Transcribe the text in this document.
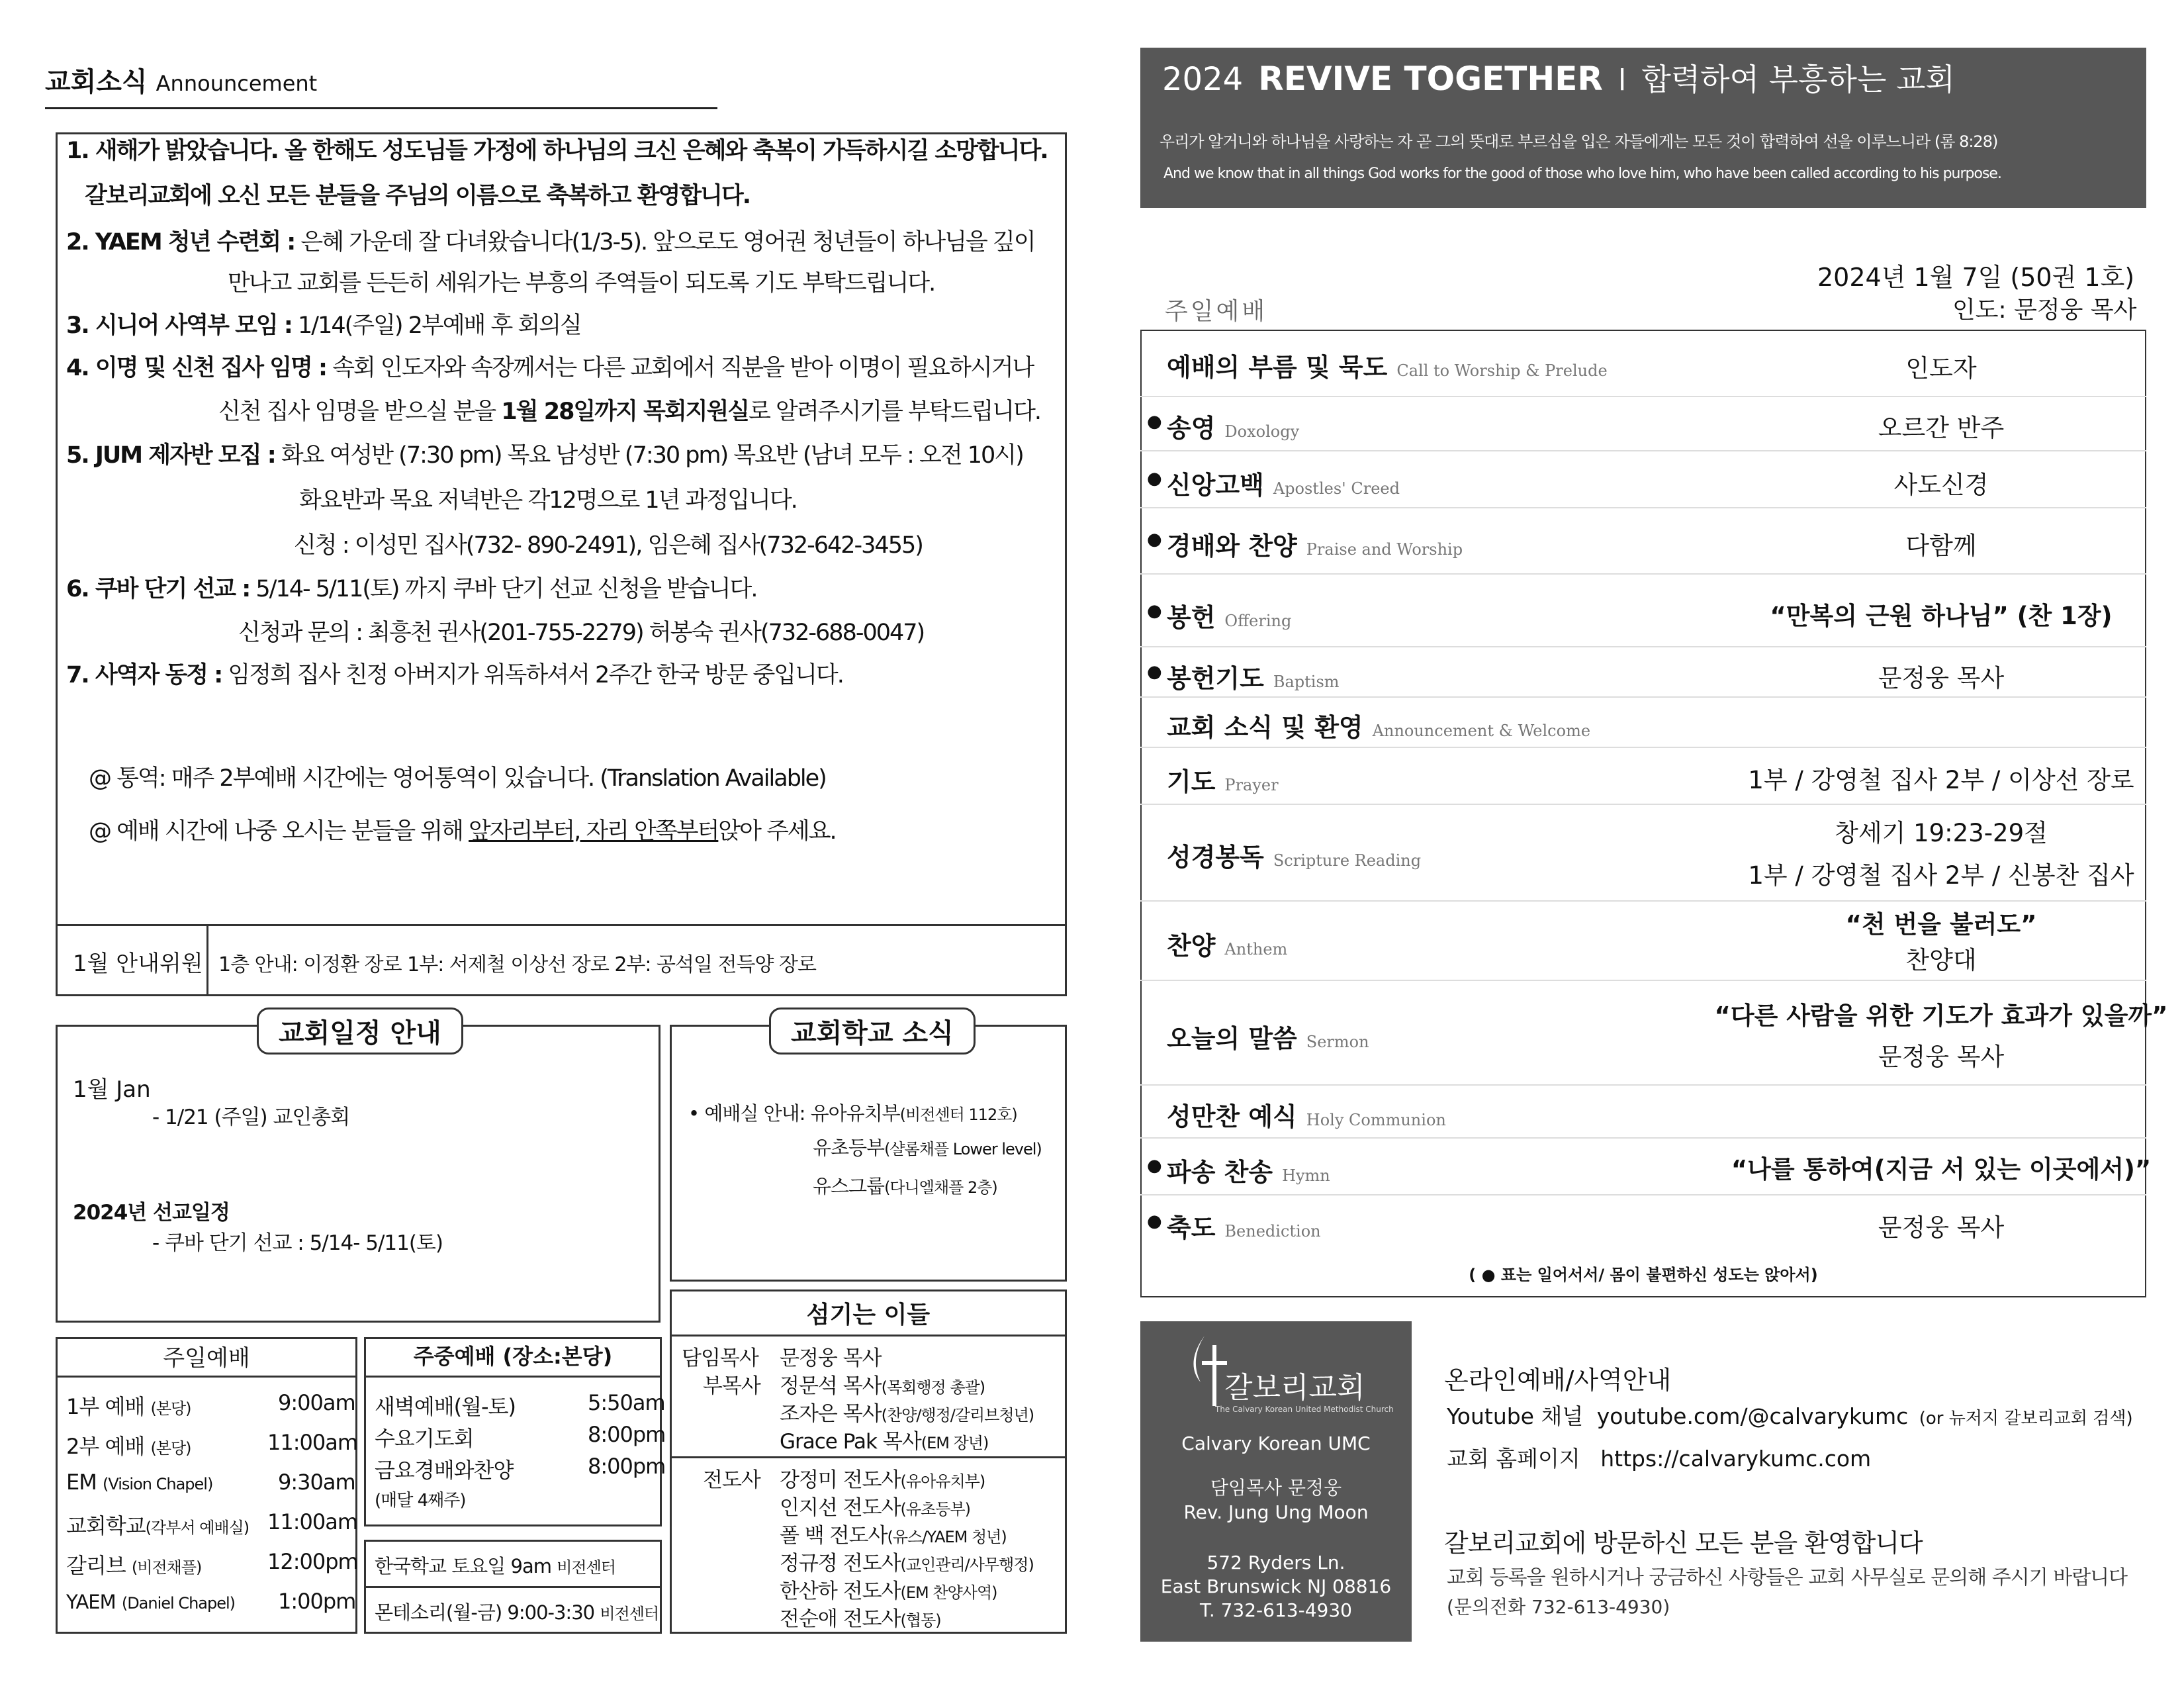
교회소식 Announcement
1. 새해가 밝았습니다. 올 한해도 성도님들 가정에 하나님의 크신 은혜와 축복이 가득하시길 소망합니다.
갈보리교회에 오신 모든 분들을 주님의 이름으로 축복하고 환영합니다.
2. YAEM 청년 수련회 : 은혜 가운데 잘 다녀왔습니다(1/3-5). 앞으로도 영어권 청년들이 하나님을 깊이
만나고 교회를 든든히 세워가는 부흥의 주역들이 되도록 기도 부탁드립니다.
3. 시니어 사역부 모임 : 1/14(주일) 2부예배 후 회의실
4. 이명 및 신천 집사 임명 : 속회 인도자와 속장께서는 다른 교회에서 직분을 받아 이명이 필요하시거나
신천 집사 임명을 받으실 분을 1월 28일까지 목회지원실로 알려주시기를 부탁드립니다.
5. JUM 제자반 모집 : 화요 여성반 (7:30 pm) 목요 남성반 (7:30 pm) 목요반 (남녀 모두 : 오전 10시)
화요반과 목요 저녁반은 각12명으로 1년 과정입니다.
신청 : 이성민 집사(732- 890-2491), 임은혜 집사(732-642-3455)
6. 쿠바 단기 선교 : 5/14- 5/11(토) 까지 쿠바 단기 선교 신청을 받습니다.
신청과 문의 : 최흥천 권사(201-755-2279) 허봉숙 권사(732-688-0047)
7. 사역자 동정 : 임정희 집사 친정 아버지가 위독하셔서 2주간 한국 방문 중입니다.
@ 통역: 매주 2부예배 시간에는 영어통역이 있습니다. (Translation Available)
@ 예배 시간에 나중 오시는 분들을 위해 앞자리부터, 자리 안쪽부터앉아 주세요.
1월 안내위원 1층 안내: 이정환 장로 1부: 서제철 이상선 장로 2부: 공석일 전득양 장로
교회일정 안내
1월 Jan
- 1/21 (주일) 교인총회
2024년 선교일정
- 쿠바 단기 선교 : 5/14- 5/11(토)
교회학교 소식
• 예배실 안내: 유아유치부(비전센터 112호)
유초등부(샬롬채플 Lower level)
유스그룹(다니엘채플 2층)
섬기는 이들
담임목사 문정웅 목사
부목사 정문석 목사(목회행정 총괄)
조자은 목사(찬양/행정/갈리브청년)
Grace Pak 목사(EM 장년)
전도사 강정미 전도사(유아유치부)
인지선 전도사(유초등부)
폴 백 전도사(유스/YAEM 청년)
정규정 전도사(교인관리/사무행정)
한산하 전도사(EM 찬양사역)
전순애 전도사(협동)
주일예배
1부 예배 (본당)	9:00am
2부 예배 (본당)	11:00am
EM (Vision Chapel)	9:30am
교회학교(각부서 예배실) 11:00am
갈리브 (비전채플)	12:00pm
YAEM (Daniel Chapel) 1:00pm
주중예배 (장소:본당)
새벽예배(월-토)	5:50am
수요기도회	8:00pm
금요경배와찬양	8:00pm
(매달 4째주)
한국학교 토요일 9am 비전센터
몬테소리(월-금) 9:00-3:30 비전센터
2024 REVIVE TOGETHER l 합력하여 부흥하는 교회
우리가 알거니와 하나님을 사랑하는 자 곧 그의 뜻대로 부르심을 입은 자들에게는 모든 것이 합력하여 선을 이루느니라 (롬 8:28)
And we know that in all things God works for the good of those who love him, who have been called according to his purpose.
2024년 1월 7일 (50권 1호)
주일예배	인도: 문정웅 목사
예배의 부름 및 묵도 Call to Worship & Prelude	인도자
● 송영 Doxology	오르간 반주
● 신앙고백 Apostles' Creed	사도신경
● 경배와 찬양 Praise and Worship	다함께
● 봉헌 Offering	“만복의 근원 하나님” (찬 1장)
● 봉헌기도 Baptism	문정웅 목사
교회 소식 및 환영 Announcement & Welcome
기도 Prayer	1부 / 강영철 집사 2부 / 이상선 장로
성경봉독 Scripture Reading
창세기 19:23-29절
1부 / 강영철 집사 2부 / 신봉찬 집사
찬양 Anthem
“천 번을 불러도”
찬양대
오늘의 말씀 Sermon
“다른 사람을 위한 기도가 효과가 있을까”
문정웅 목사
성만찬 예식 Holy Communion
● 파송 찬송 Hymn	“나를 통하여(지금 서 있는 이곳에서)”
● 축도 Benediction	문정웅 목사
( ● 표는 일어서서/ 몸이 불편하신 성도는 앉아서)
갈보리교회
The Calvary Korean United Methodist Church
Calvary Korean UMC
담임목사 문정웅
Rev. Jung Ung Moon
572 Ryders Ln.
East Brunswick NJ 08816
T. 732-613-4930
온라인예배/사역안내
Youtube 채널 youtube.com/@calvarykumc (or 뉴저지 갈보리교회 검색)
교회 홈페이지 https://calvarykumc.com
갈보리교회에 방문하신 모든 분을 환영합니다
교회 등록을 원하시거나 궁금하신 사항들은 교회 사무실로 문의해 주시기 바랍니다
(문의전화 732-613-4930)
